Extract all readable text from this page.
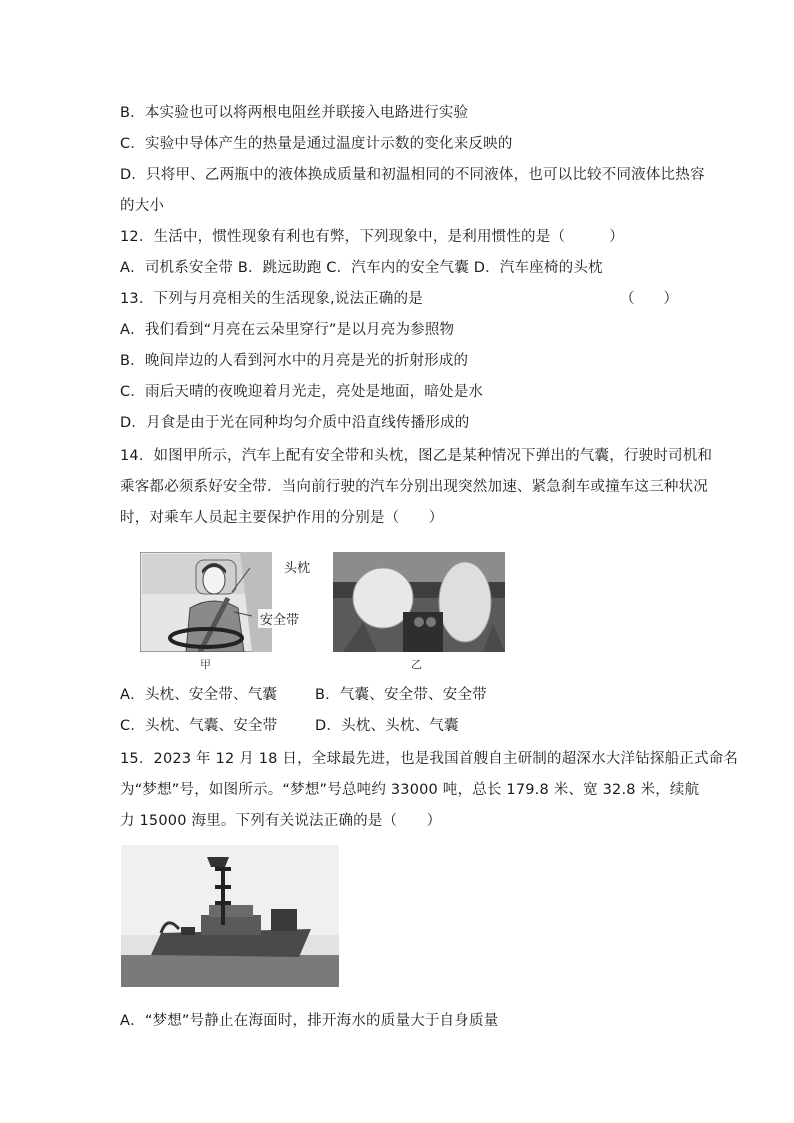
B．本实验也可以将两根电阻丝并联接入电路进行实验
C．实验中导体产生的热量是通过温度计示数的变化来反映的
D．只将甲、乙两瓶中的液体换成质量和初温相同的不同液体，也可以比较不同液体比热容
的大小
12．生活中，惯性现象有利也有弊，下列现象中，是利用惯性的是（　　　）
A．司机系安全带 B．跳远助跑 C．汽车内的安全气囊 D．汽车座椅的头枕
13．下列与月亮相关的生活现象,说法正确的是	（　　）
A．我们看到“月亮在云朵里穿行”是以月亮为参照物
B．晚间岸边的人看到河水中的月亮是光的折射形成的
C．雨后天晴的夜晚迎着月光走，亮处是地面，暗处是水
D．月食是由于光在同种均匀介质中沿直线传播形成的
14．如图甲所示，汽车上配有安全带和头枕，图乙是某种情况下弹出的气囊，行驶时司机和
乘客都必须系好安全带．当向前行驶的汽车分别出现突然加速、紧急刹车或撞车这三种状况
时，对乘车人员起主要保护作用的分别是（　　）
头枕
安全带
甲	乙
A．头枕、安全带、气囊	B．气囊、安全带、安全带
C．头枕、气囊、安全带	D．头枕、头枕、气囊
15．2023 年 12 月 18 日，全球最先进，也是我国首艘自主研制的超深水大洋钻探船正式命名
为“梦想”号，如图所示。“梦想”号总吨约 33000 吨，总长 179.8 米、宽 32.8 米，续航
力 15000 海里。下列有关说法正确的是（　　）
A．“梦想”号静止在海面时，排开海水的质量大于自身质量
